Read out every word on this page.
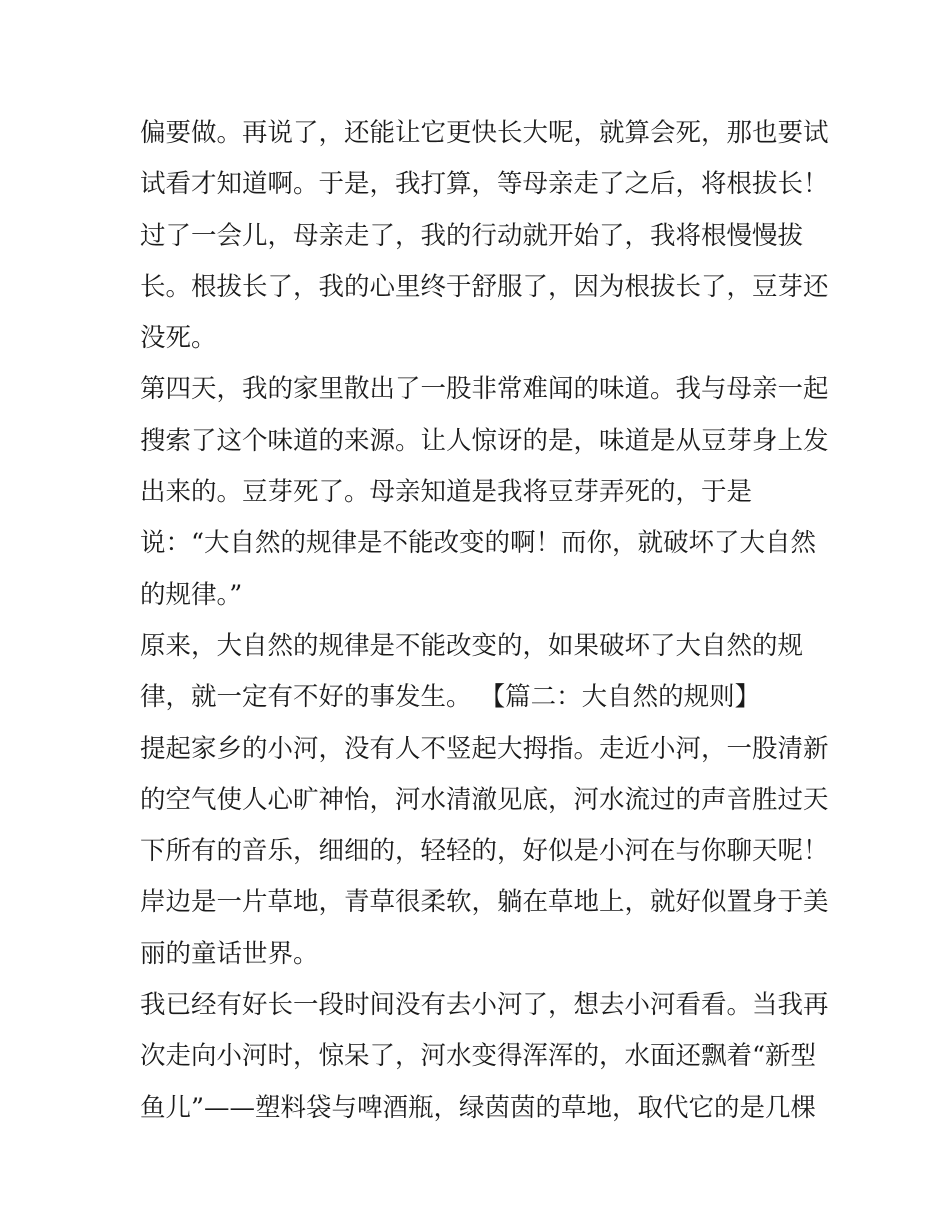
偏要做。再说了，还能让它更快长大呢，就算会死，那也要试

试看才知道啊。于是，我打算，等母亲走了之后，将根拔长！

过了一会儿，母亲走了，我的行动就开始了，我将根慢慢拔

长。根拔长了，我的心里终于舒服了，因为根拔长了，豆芽还

没死。

第四天，我的家里散出了一股非常难闻的味道。我与母亲一起

搜索了这个味道的来源。让人惊讶的是，味道是从豆芽身上发

出来的。豆芽死了。母亲知道是我将豆芽弄死的，于是

说：“大自然的规律是不能改变的啊！而你，就破坏了大自然

的规律。”

原来，大自然的规律是不能改变的，如果破坏了大自然的规

律，就一定有不好的事发生。 【篇二：大自然的规则】

提起家乡的小河，没有人不竖起大拇指。走近小河，一股清新

的空气使人心旷神怡，河水清澈见底，河水流过的声音胜过天

下所有的音乐，细细的，轻轻的，好似是小河在与你聊天呢！

岸边是一片草地，青草很柔软，躺在草地上，就好似置身于美

丽的童话世界。

我已经有好长一段时间没有去小河了，想去小河看看。当我再

次走向小河时，惊呆了，河水变得浑浑的，水面还飘着“新型

鱼儿”——塑料袋与啤酒瓶，绿茵茵的草地，取代它的是几棵
